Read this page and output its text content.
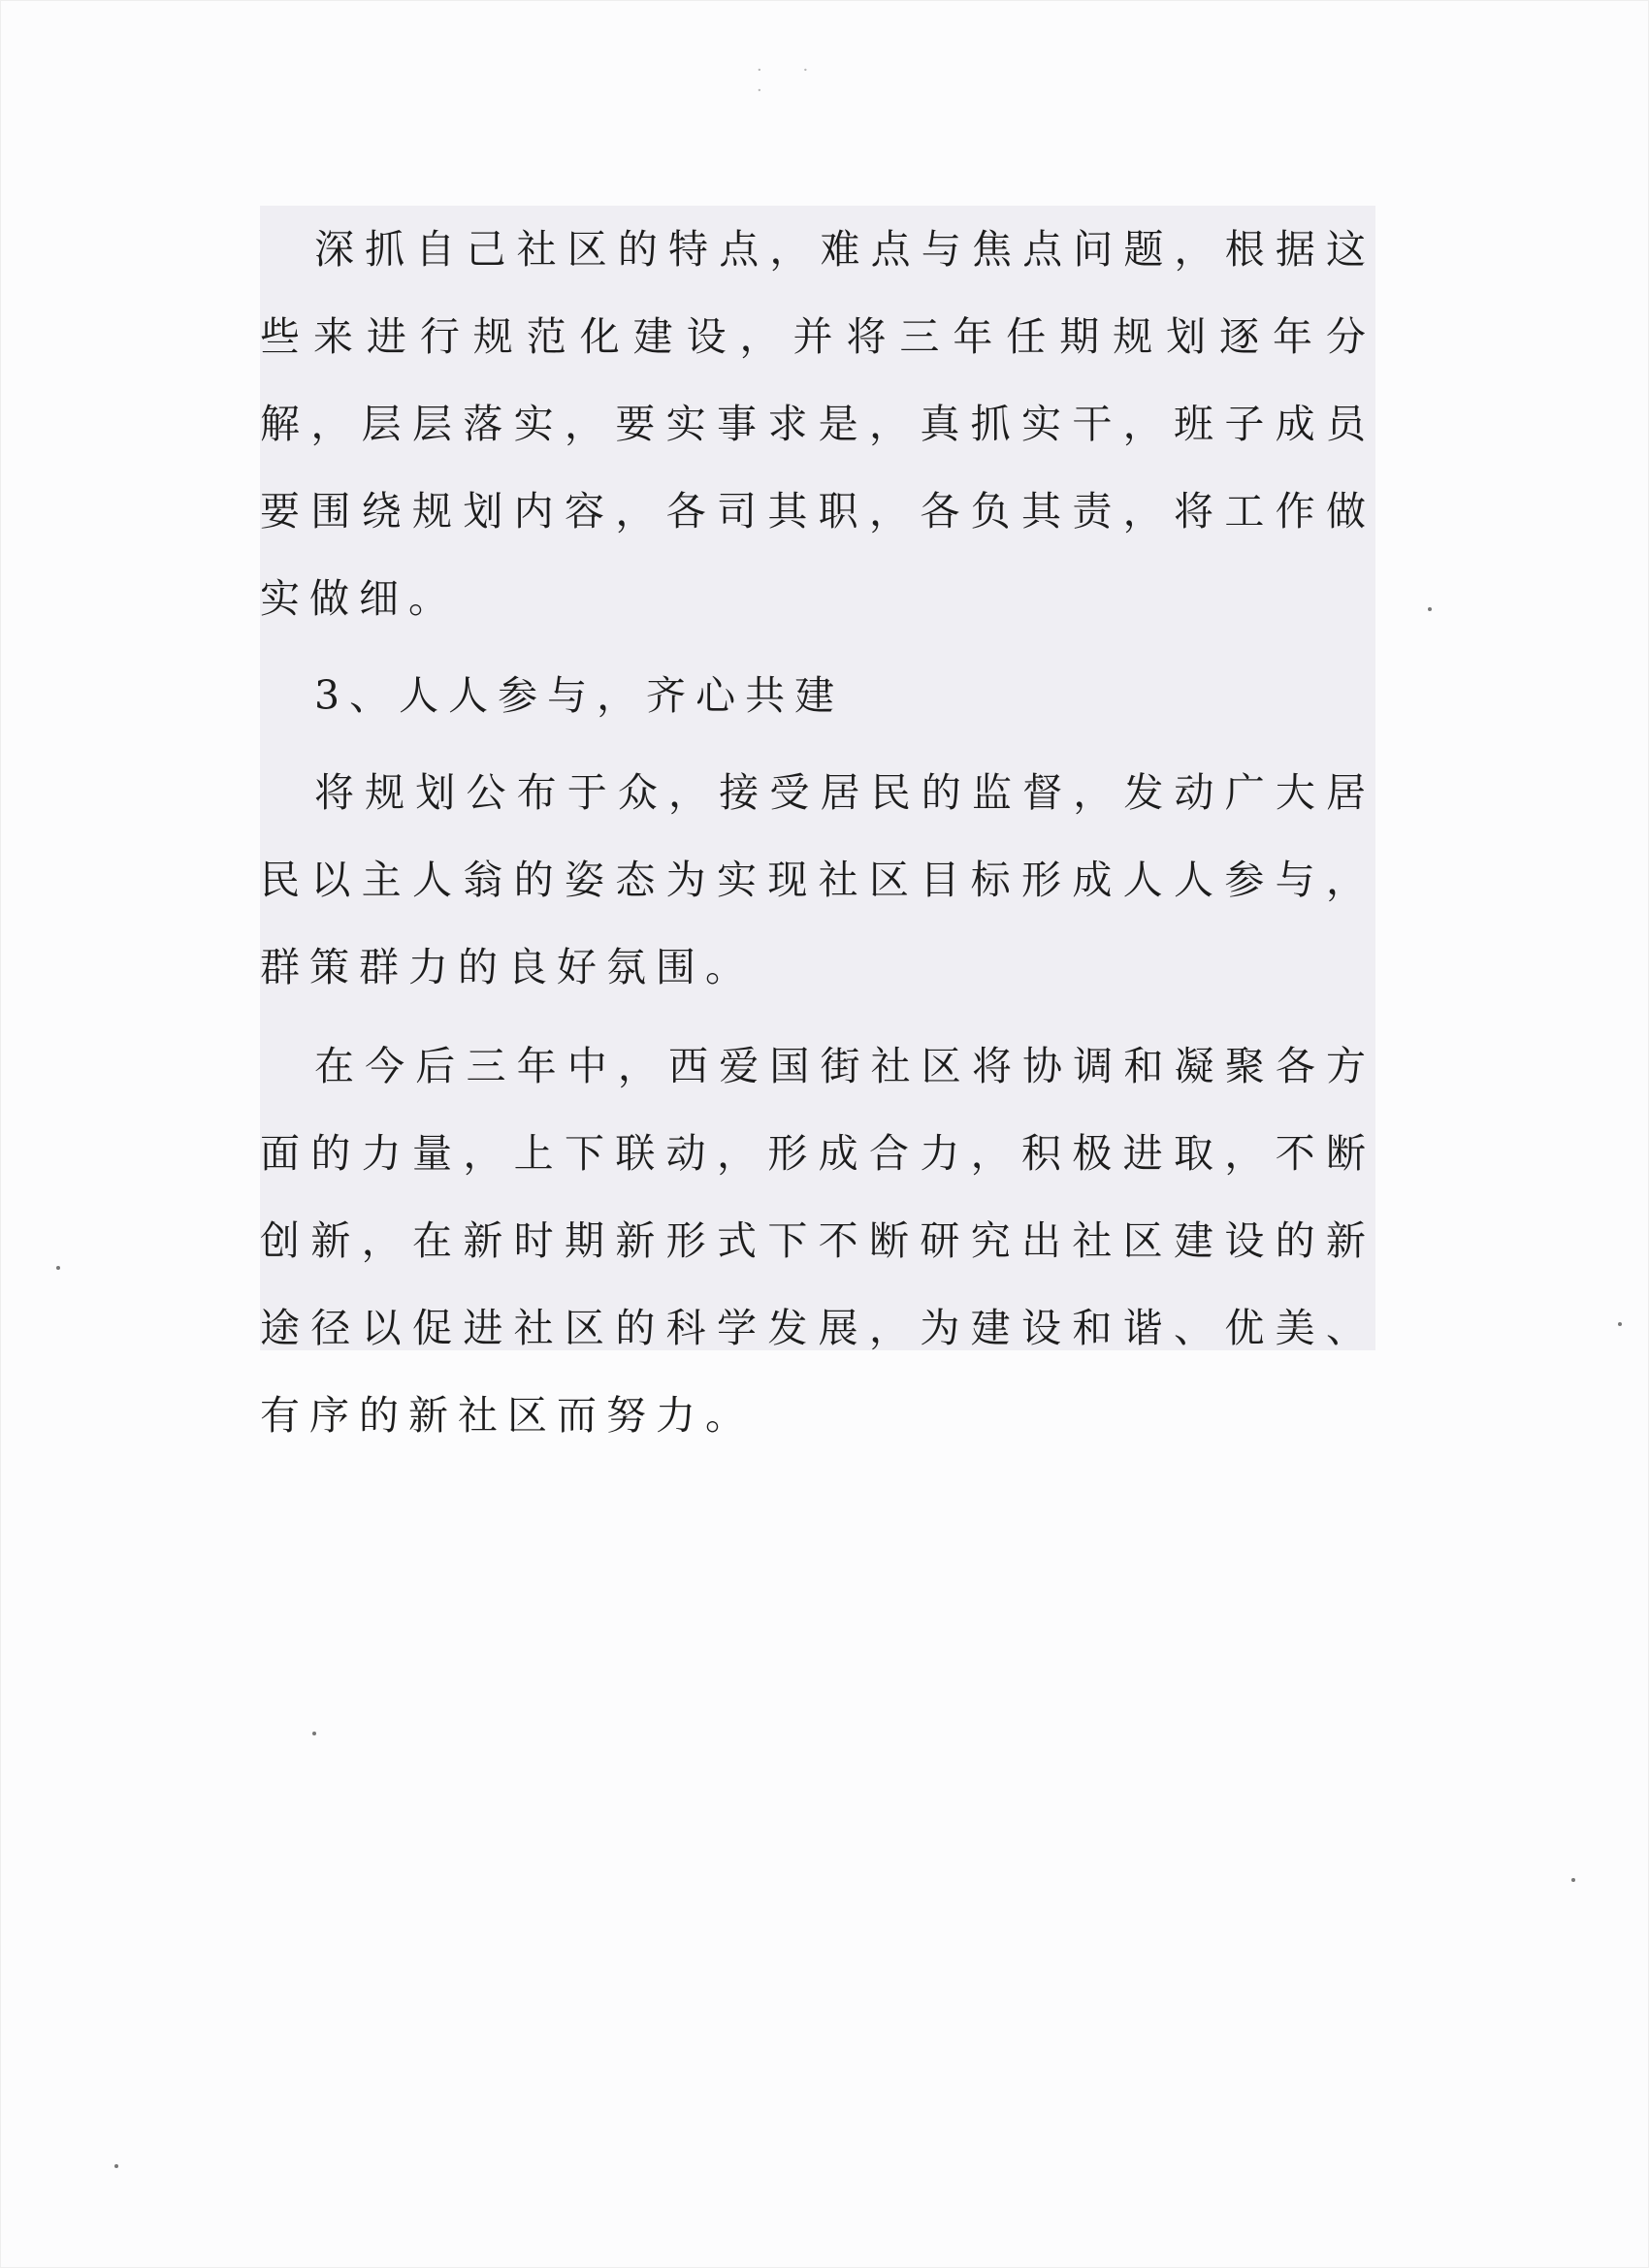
· · ·

深抓自己社区的特点，难点与焦点问题，根据这些来进行规范化建设，并将三年任期规划逐年分解，层层落实，要实事求是，真抓实干，班子成员要围绕规划内容，各司其职，各负其责，将工作做实做细。

3、人人参与，齐心共建

将规划公布于众，接受居民的监督，发动广大居民以主人翁的姿态为实现社区目标形成人人参与，群策群力的良好氛围。

在今后三年中，西爱国街社区将协调和凝聚各方面的力量，上下联动，形成合力，积极进取，不断创新，在新时期新形式下不断研究出社区建设的新途径以促进社区的科学发展，为建设和谐、优美、有序的新社区而努力。
